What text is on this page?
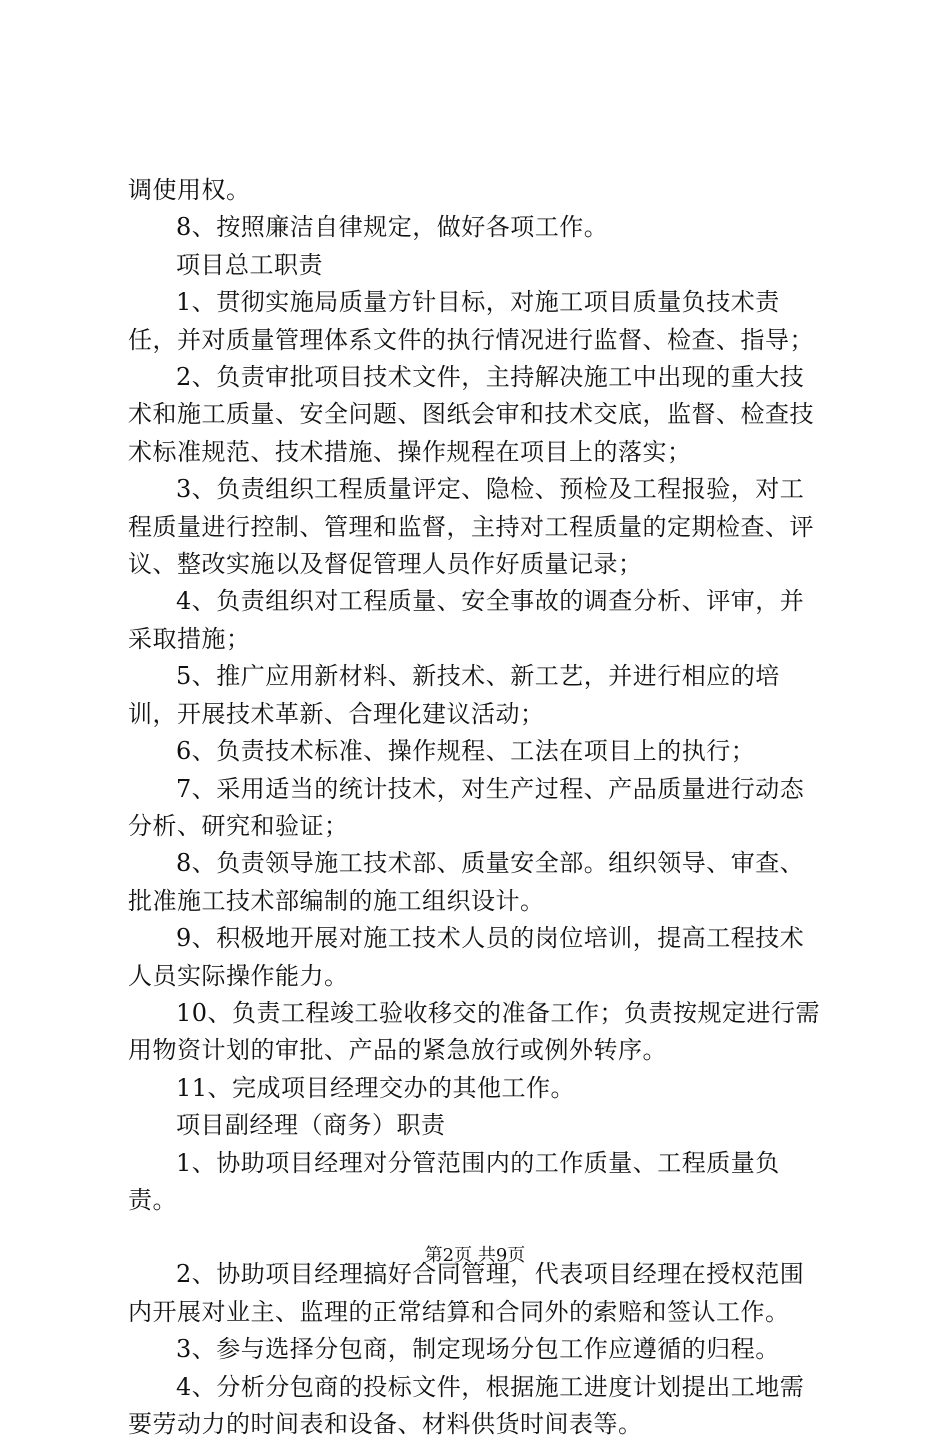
调使用权。

8、按照廉洁自律规定，做好各项工作。

项目总工职责

1、贯彻实施局质量方针目标，对施工项目质量负技术责任，并对质量管理体系文件的执行情况进行监督、检查、指导；

2、负责审批项目技术文件，主持解决施工中出现的重大技术和施工质量、安全问题、图纸会审和技术交底，监督、检查技术标准规范、技术措施、操作规程在项目上的落实；

3、负责组织工程质量评定、隐检、预检及工程报验，对工程质量进行控制、管理和监督，主持对工程质量的定期检查、评议、整改实施以及督促管理人员作好质量记录；

4、负责组织对工程质量、安全事故的调查分析、评审，并采取措施；

5、推广应用新材料、新技术、新工艺，并进行相应的培训，开展技术革新、合理化建议活动；

6、负责技术标准、操作规程、工法在项目上的执行；

7、采用适当的统计技术，对生产过程、产品质量进行动态分析、研究和验证；

8、负责领导施工技术部、质量安全部。组织领导、审查、批准施工技术部编制的施工组织设计。

9、积极地开展对施工技术人员的岗位培训，提高工程技术人员实际操作能力。

10、负责工程竣工验收移交的准备工作；负责按规定进行需用物资计划的审批、产品的紧急放行或例外转序。

11、完成项目经理交办的其他工作。

项目副经理（商务）职责

1、协助项目经理对分管范围内的工作质量、工程质量负责。

2、协助项目经理搞好合同管理，代表项目经理在授权范围内开展对业主、监理的正常结算和合同外的索赔和签认工作。

3、参与选择分包商，制定现场分包工作应遵循的归程。

4、分析分包商的投标文件，根据施工进度计划提出工地需要劳动力的时间表和设备、材料供货时间表等。

第2页 共9页
